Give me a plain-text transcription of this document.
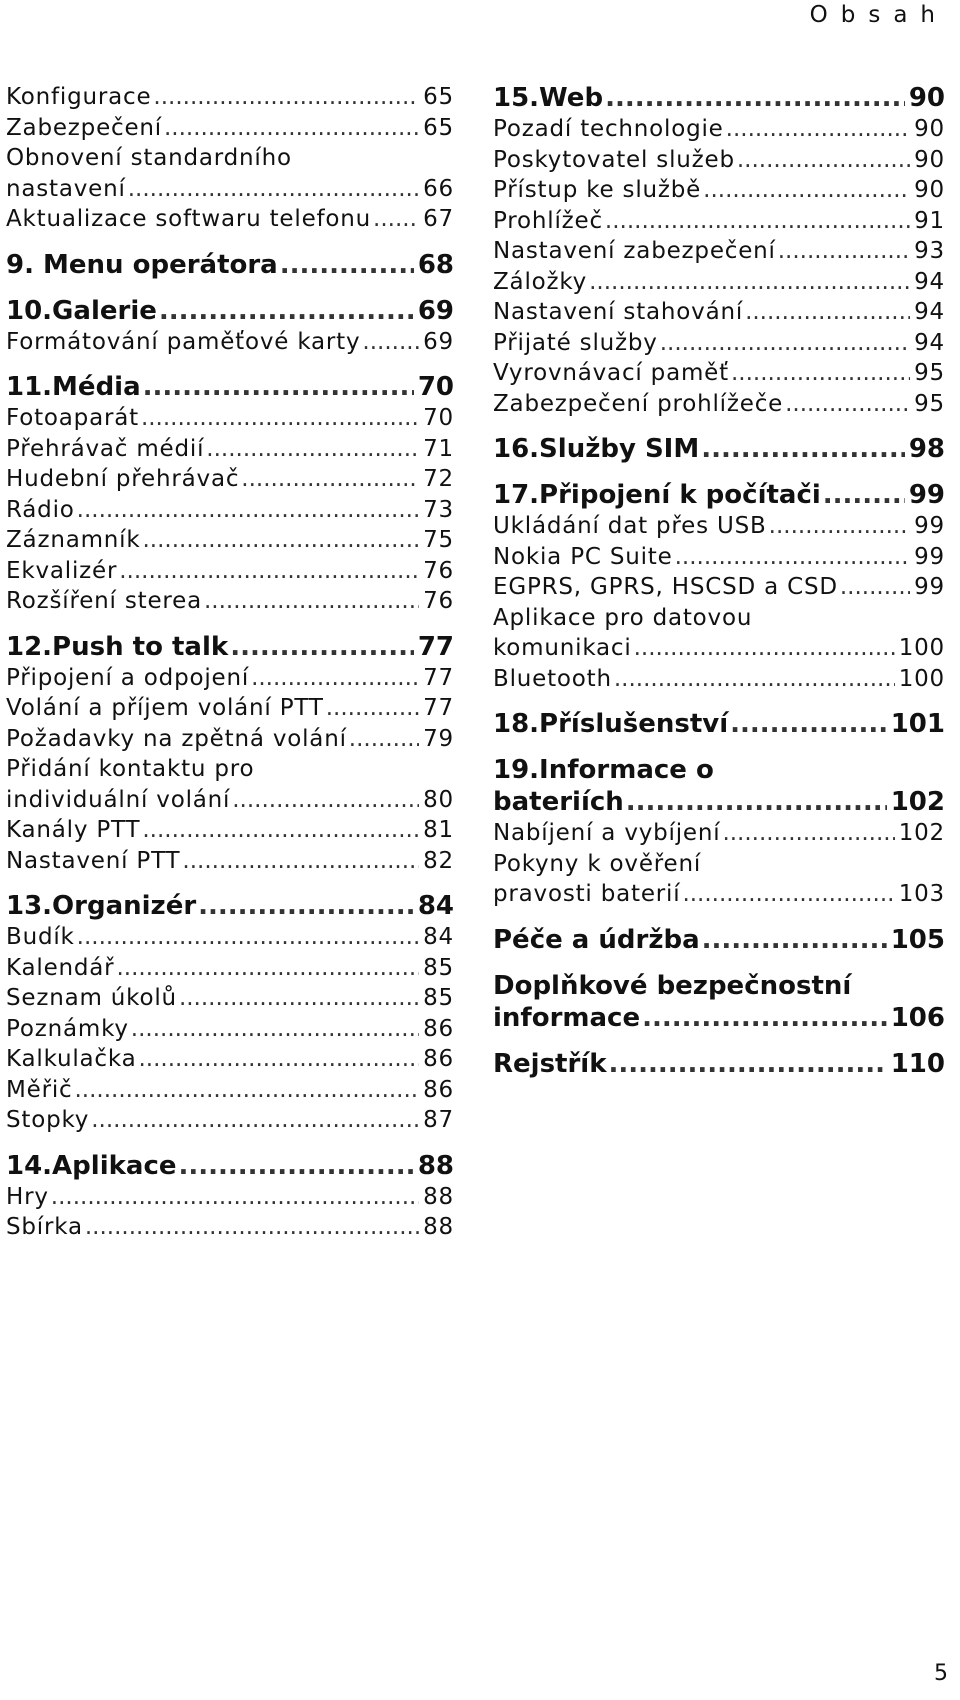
Obsah
Konfigurace .....	65
Zabezpečení .....	65
Obnovení standardního
nastavení .....	66
Aktualizace softwaru telefonu ..... 67
9. Menu operátora .....	68
10.Galerie .....	69
Formátování paměťové karty .....	69
11.Média .....	70
Fotoaparát .....	70
Přehrávač médií .....	71
Hudební přehrávač .....	72
Rádio .....	73
Záznamník .....	75
Ekvalizér .....	76
Rozšíření sterea .....	76
12.Push to talk .....	77
Připojení a odpojení .....	77
Volání a příjem volání PTT .....	77
Požadavky na zpětná volání .....	79
Přidání kontaktu pro
individuální volání .....	80
Kanály PTT .....	81
Nastavení PTT .....	82
13.Organizér .....	84
Budík .....	84
Kalendář .....	85
Seznam úkolů .....	85
Poznámky .....	86
Kalkulačka .....	86
Měřič .....	86
Stopky .....	87
14.Aplikace .....	88
Hry .....	88
Sbírka .....	88
15.Web .....	90
Pozadí technologie .....	90
Poskytovatel služeb .....	90
Přístup ke službě .....	90
Prohlížeč .....	91
Nastavení zabezpečení .....	93
Záložky .....	94
Nastavení stahování .....	94
Přijaté služby .....	94
Vyrovnávací paměť .....	95
Zabezpečení prohlížeče .....	95
16.Služby SIM .....	98
17.Připojení k počítači .....	99
Ukládání dat přes USB .....	99
Nokia PC Suite .....	99
EGPRS, GPRS, HSCSD a CSD .....	99
Aplikace pro datovou
komunikaci .....	100
Bluetooth .....	100
18.Příslušenství .....	101
19.Informace o
bateriích .....	102
Nabíjení a vybíjení .....	102
Pokyny k ověření
pravosti baterií .....	103
Péče a údržba .....	105
Doplňkové bezpečnostní
informace .....	106
Rejstřík .....	110
5
